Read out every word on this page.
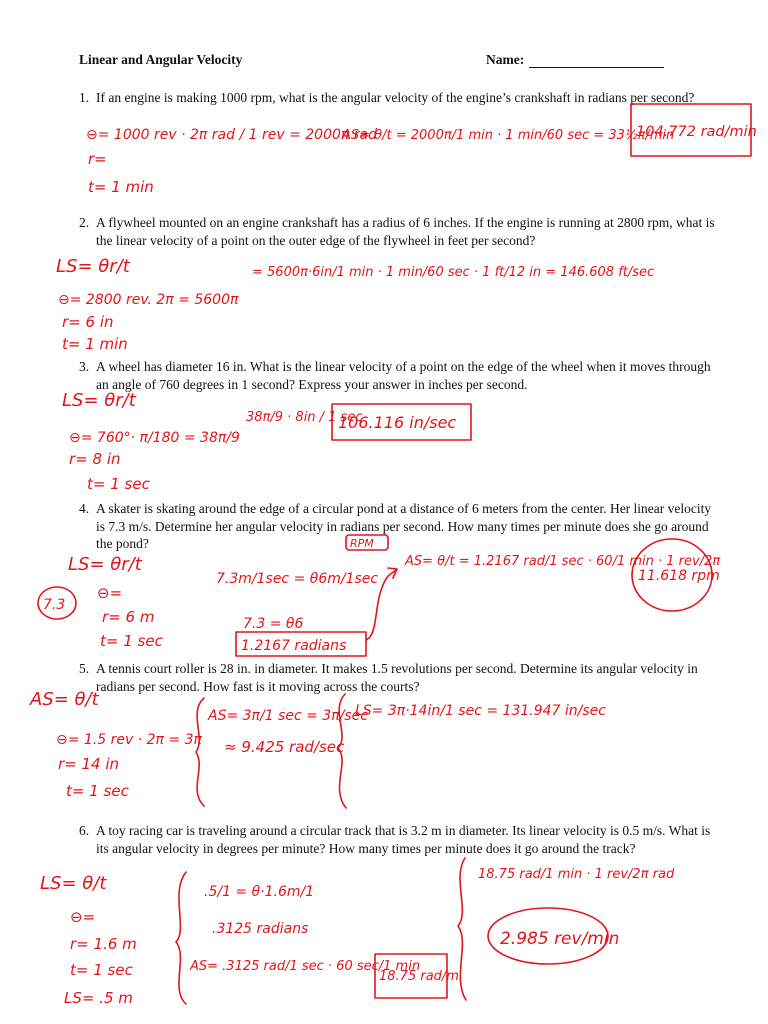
Linear and Angular Velocity	Name:
1. If an engine is making 1000 rpm, what is the angular velocity of the engine’s crankshaft in radians per second?
2. A flywheel mounted on an engine crankshaft has a radius of 6 inches. If the engine is running at 2800 rpm, what is the linear velocity of a point on the outer edge of the flywheel in feet per second?
3. A wheel has diameter 16 in. What is the linear velocity of a point on the edge of the wheel when it moves through an angle of 760 degrees in 1 second? Express your answer in inches per second.
4. A skater is skating around the edge of a circular pond at a distance of 6 meters from the center. Her linear velocity is 7.3 m/s. Determine her angular velocity in radians per second. How many times per minute does she go around the pond?
5. A tennis court roller is 28 in. in diameter. It makes 1.5 revolutions per second. Determine its angular velocity in radians per second. How fast is it moving across the courts?
6. A toy racing car is traveling around a circular track that is 3.2 m in diameter. Its linear velocity is 0.5 m/s. What is its angular velocity in degrees per minute? How many times per minute does it go around the track?
⊖= 1000 rev · 2π rad / 1 rev = 2000π rad
r=
t= 1 min
AS= θ/t = 2000π/1 min · 1 min/60 sec = 33½π/min
104.772 rad/min
LS= θr/t	= 5600π·6in/1 min · 1 min/60 sec · 1 ft/12 in = 146.608 ft/sec
⊖= 2800 rev. 2π = 5600π
r= 6 in
t= 1 min
LS= θr/t
⊖= 760°· π/180 = 38π/9
r= 8 in
t= 1 sec
38π/9 · 8in / 1 sec
106.116 in/sec
RPM
LS= θr/t
7.3
⊖=
r= 6 m
t= 1 sec
7.3m/1sec = θ6m/1sec
7.3 = θ6
1.2167 radians
AS= θ/t = 1.2167 rad/1 sec · 60/1 min · 1 rev/2π
11.618 rpm
AS= θ/t
⊖= 1.5 rev · 2π = 3π
r= 14 in
t= 1 sec
AS= 3π/1 sec = 3π/sec
≈ 9.425 rad/sec
LS= 3π·14in/1 sec = 131.947 in/sec
LS= θ/t
⊖=
r= 1.6 m
t= 1 sec
LS= .5 m
.5/1 = θ·1.6m/1
.3125 radians
AS= .3125 rad/1 sec · 60 sec/1 min
18.75 rad/m
18.75 rad/1 min · 1 rev/2π rad
2.985 rev/min
